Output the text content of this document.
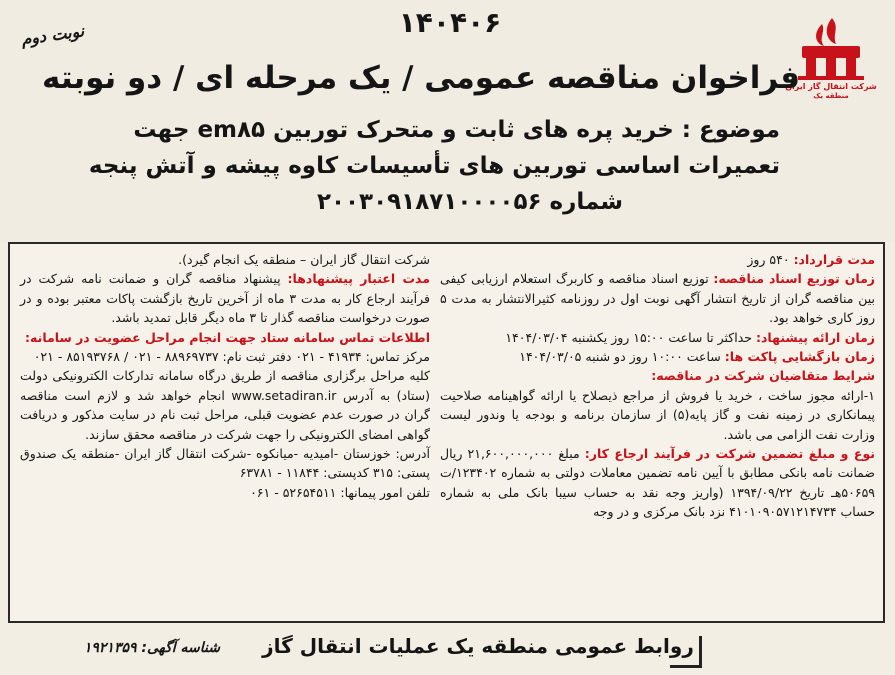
شرکت انتقال گاز ایران
منطقه یک
نوبت دوم	۱۴۰۴۰۶
فراخوان مناقصه عمومی / یک مرحله ای / دو نوبته
موضوع : خرید پره های ثابت و متحرک توربین em۸۵ جهت
تعمیرات اساسی توربین های تأسیسات کاوه پیشه و آتش پنجه
شماره ۲۰۰۳۰۹۱۸۷۱۰۰۰۰۵۶

مدت قرارداد: ۵۴۰ روز

زمان توزیع اسناد مناقصه: توزیع اسناد مناقصه و کاربرگ استعلام ارزیابی کیفی بین مناقصه گران از تاریخ انتشار آگهی نوبت اول در روزنامه کثیرالانتشار به مدت ۵ روز کاری خواهد بود.

زمان ارائه پیشنهاد: حداکثر تا ساعت ۱۵:۰۰ روز یکشنبه ۱۴۰۴/۰۳/۰۴

زمان بازگشایی پاکت ها: ساعت ۱۰:۰۰ روز دو شنبه ۱۴۰۴/۰۳/۰۵

شرایط متقاضیان شرکت در مناقصه:

۱-ارائه مجوز ساخت ، خرید یا فروش از مراجع ذیصلاح یا ارائه گواهینامه صلاحیت پیمانکاری در زمینه نفت و گاز پایه(۵) از سازمان برنامه و بودجه یا وندور لیست وزارت نفت الزامی می باشد.

نوع و مبلغ تضمین شرکت در فرآیند ارجاع کار: مبلغ ۲۱,۶۰۰,۰۰۰,۰۰۰ ریال ضمانت نامه بانکی مطابق با آیین نامه تضمین معاملات دولتی به شماره ۱۲۳۴۰۲/ت ۵۰۶۵۹هـ تاریخ ۱۳۹۴/۰۹/۲۲ (واریز وجه نقد به حساب سیبا بانک ملی به شماره حساب ۴۱۰۱۰۹۰۵۷۱۲۱۴۷۳۴ نزد بانک مرکزی و در وجه

شرکت انتقال گاز ایران – منطقه یک انجام گیرد).

مدت اعتبار پیشنهادها: پیشنهاد مناقصه گران و ضمانت نامه شرکت در فرآیند ارجاع کار به مدت ۳ ماه از آخرین تاریخ بازگشت پاکات معتبر بوده و در صورت درخواست مناقصه گذار تا ۳ ماه دیگر قابل تمدید باشد.

اطلاعات تماس سامانه ستاد جهت انجام مراحل عضویت در سامانه:

مرکز تماس: ۴۱۹۳۴ - ۰۲۱ دفتر ثبت نام: ۸۸۹۶۹۷۳۷ - ۰۲۱ / ۸۵۱۹۳۷۶۸ - ۰۲۱

کلیه مراحل برگزاری مناقصه از طریق درگاه سامانه تدارکات الکترونیکی دولت (ستاد) به آدرس www.setadiran.ir انجام خواهد شد و لازم است مناقصه گران در صورت عدم عضویت قبلی، مراحل ثبت نام در سایت مذکور و دریافت گواهی امضای الکترونیکی را جهت شرکت در مناقصه محقق سازند.

آدرس: خوزستان -امیدیه -میانکوه -شرکت انتقال گاز ایران -منطقه یک صندوق پستی: ۳۱۵ کدپستی: ۱۱۸۴۴ - ۶۳۷۸۱

تلفن امور پیمانها: ۵۲۶۵۴۵۱۱ - ۰۶۱

شناسه آگهی: ۱۹۲۱۳۵۹	روابط عمومی منطقه یک عملیات انتقال گاز
